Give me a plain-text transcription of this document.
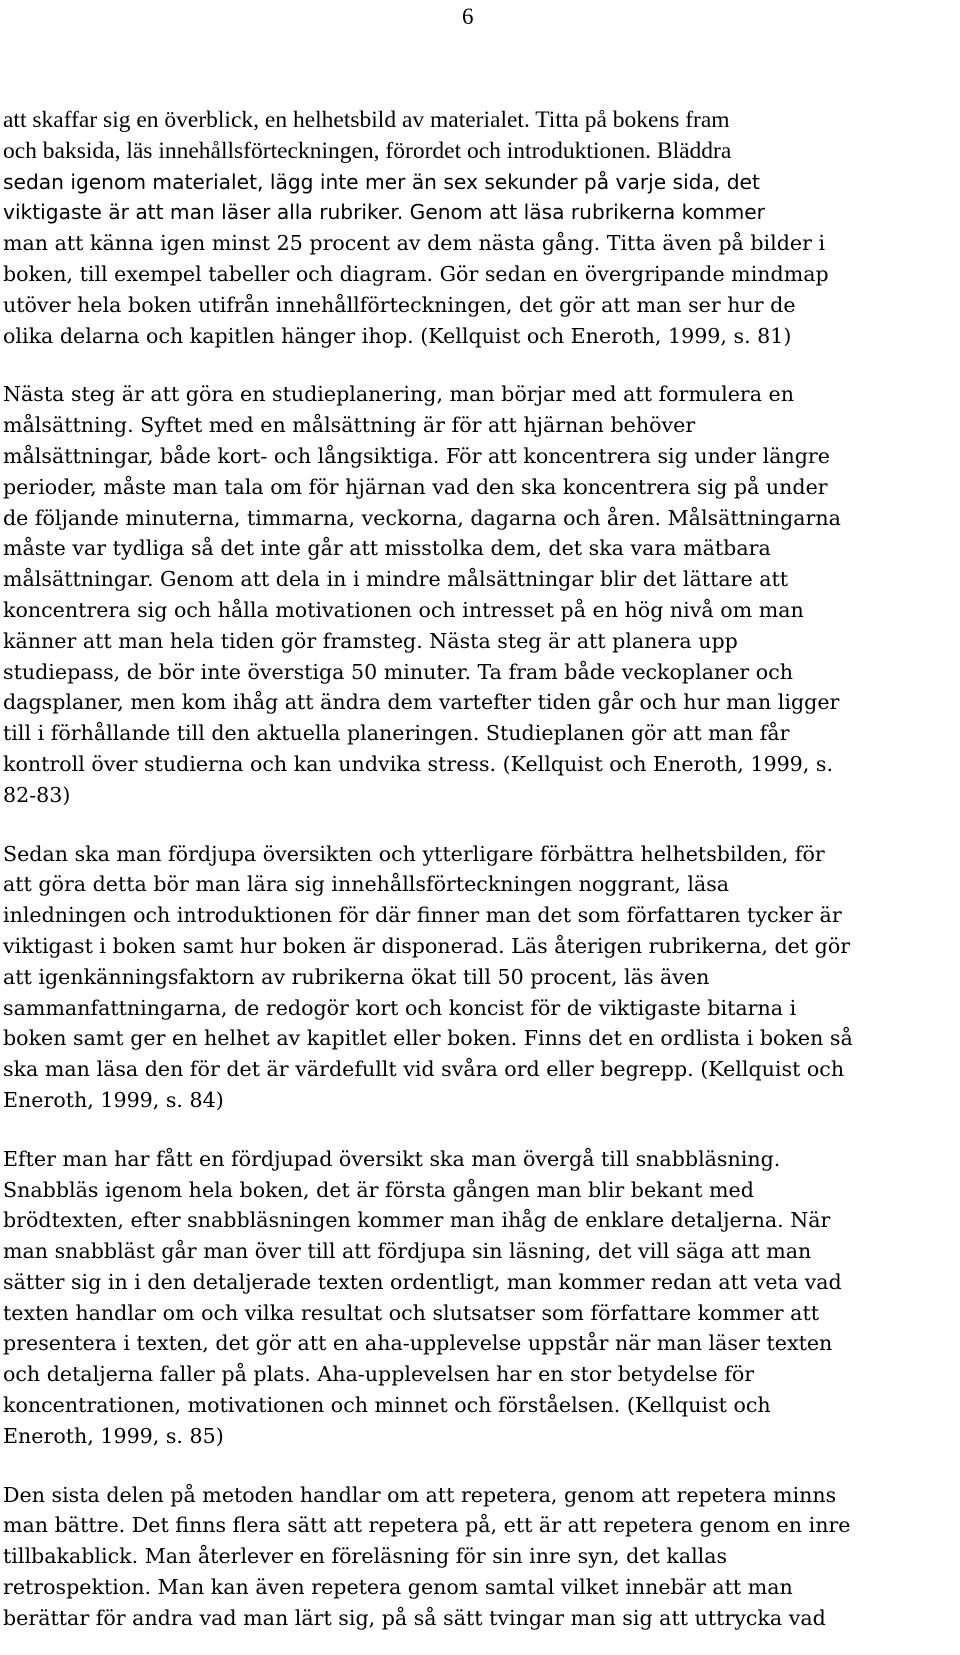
6
att skaffar sig en överblick, en helhetsbild av materialet. Titta på bokens fram
och baksida, läs innehållsförteckningen, förordet och introduktionen. Bläddra
sedan igenom materialet, lägg inte mer än sex sekunder på varje sida, det
viktigaste är att man läser alla rubriker. Genom att läsa rubrikerna kommer
man att känna igen minst 25 procent av dem nästa gång. Titta även på bilder i
boken, till exempel tabeller och diagram. Gör sedan en övergripande mindmap
utöver hela boken utifrån innehållförteckningen, det gör att man ser hur de
olika delarna och kapitlen hänger ihop. (Kellquist och Eneroth, 1999, s. 81)
Nästa steg är att göra en studieplanering, man börjar med att formulera en
målsättning. Syftet med en målsättning är för att hjärnan behöver
målsättningar, både kort- och långsiktiga. För att koncentrera sig under längre
perioder, måste man tala om för hjärnan vad den ska koncentrera sig på under
de följande minuterna, timmarna, veckorna, dagarna och åren. Målsättningarna
måste var tydliga så det inte går att misstolka dem, det ska vara mätbara
målsättningar. Genom att dela in i mindre målsättningar blir det lättare att
koncentrera sig och hålla motivationen och intresset på en hög nivå om man
känner att man hela tiden gör framsteg. Nästa steg är att planera upp
studiepass, de bör inte överstiga 50 minuter. Ta fram både veckoplaner och
dagsplaner, men kom ihåg att ändra dem vartefter tiden går och hur man ligger
till i förhållande till den aktuella planeringen. Studieplanen gör att man får
kontroll över studierna och kan undvika stress. (Kellquist och Eneroth, 1999, s.
82-83)
Sedan ska man fördjupa översikten och ytterligare förbättra helhetsbilden, för
att göra detta bör man lära sig innehållsförteckningen noggrant, läsa
inledningen och introduktionen för där finner man det som författaren tycker är
viktigast i boken samt hur boken är disponerad. Läs återigen rubrikerna, det gör
att igenkänningsfaktorn av rubrikerna ökat till 50 procent, läs även
sammanfattningarna, de redogör kort och koncist för de viktigaste bitarna i
boken samt ger en helhet av kapitlet eller boken. Finns det en ordlista i boken så
ska man läsa den för det är värdefullt vid svåra ord eller begrepp. (Kellquist och
Eneroth, 1999, s. 84)
Efter man har fått en fördjupad översikt ska man övergå till snabbläsning.
Snabbläs igenom hela boken, det är första gången man blir bekant med
brödtexten, efter snabbläsningen kommer man ihåg de enklare detaljerna. När
man snabbläst går man över till att fördjupa sin läsning, det vill säga att man
sätter sig in i den detaljerade texten ordentligt, man kommer redan att veta vad
texten handlar om och vilka resultat och slutsatser som författare kommer att
presentera i texten, det gör att en aha-upplevelse uppstår när man läser texten
och detaljerna faller på plats. Aha-upplevelsen har en stor betydelse för
koncentrationen, motivationen och minnet och förståelsen. (Kellquist och
Eneroth, 1999, s. 85)
Den sista delen på metoden handlar om att repetera, genom att repetera minns
man bättre. Det finns flera sätt att repetera på, ett är att repetera genom en inre
tillbakablick. Man återlever en föreläsning för sin inre syn, det kallas
retrospektion. Man kan även repetera genom samtal vilket innebär att man
berättar för andra vad man lärt sig, på så sätt tvingar man sig att uttrycka vad
